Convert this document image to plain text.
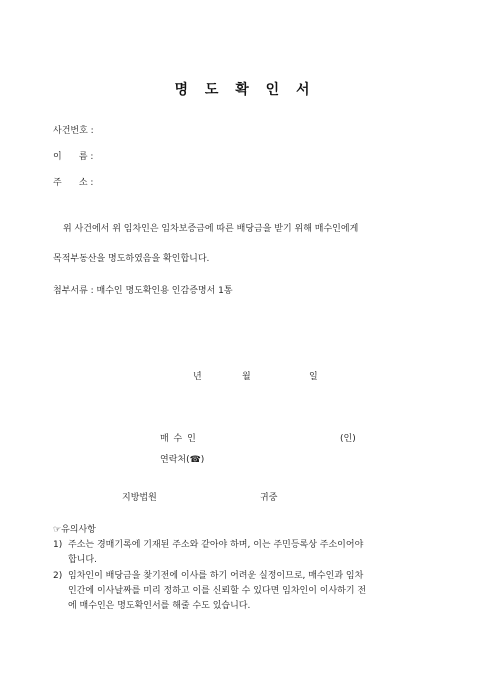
명 도 확 인 서
사건번호 :
이      름 :
주      소 :
위 사건에서 위 임차인은 임차보증금에 따른 배당금을 받기 위해 매수인에게
목적부동산을 명도하였음을 확인합니다.
첨부서류 : 매수인 명도확인용 인감증명서 1통
년	월	일
매 수 인	(인)
연락처(☎)
지방법원	귀중
☞유의사항
1) 주소는 경매기록에 기재된 주소와 같아야 하며, 이는 주민등록상 주소이어야
합니다.
2) 임차인이 배당금을 찾기전에 이사를 하기 어려운 실정이므로, 매수인과 임차
인간에 이사날짜를 미리 정하고 이를 신뢰할 수 있다면 임차인이 이사하기 전
에 매수인은 명도확인서를 해줄 수도 있습니다.
